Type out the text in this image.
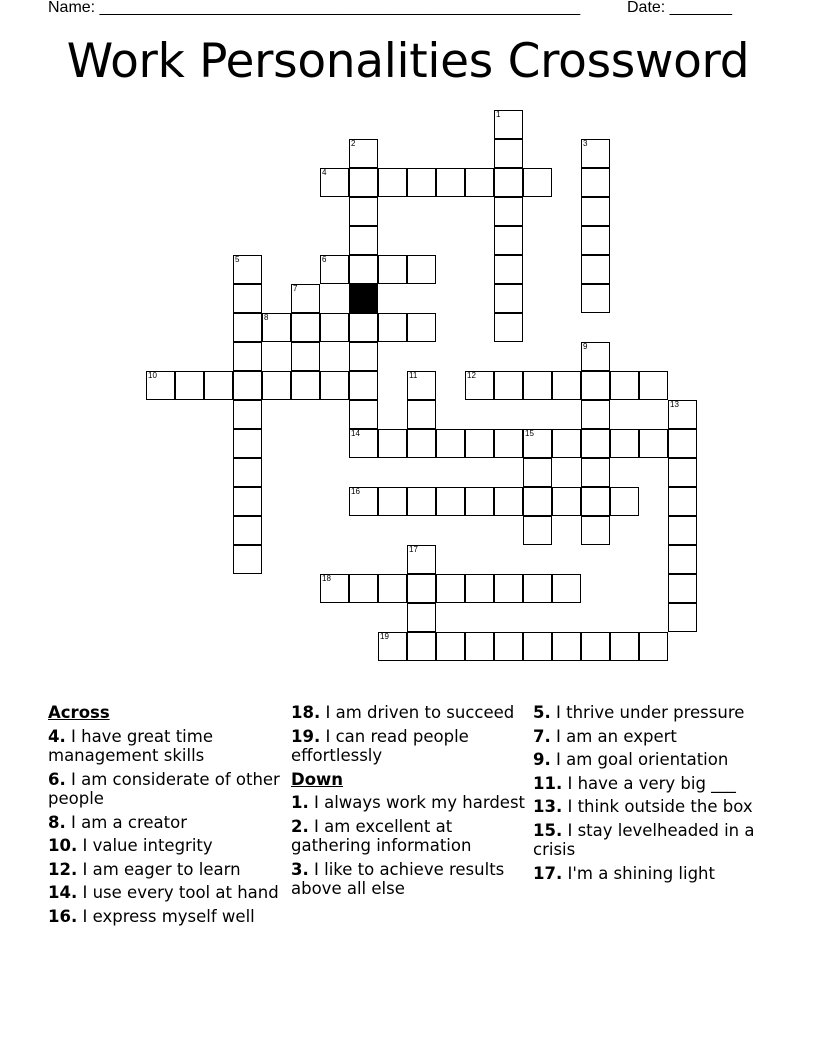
Name: ______________________________________________________	Date: _______
Work Personalities Crossword
1
2
14
3
4
5	6
7
8
9
10	11	12
13
15
16
17
18
19
Across
4. I have great time management skills
6. I am considerate of other people
8. I am a creator
10. I value integrity
12. I am eager to learn
14. I use every tool at hand
16. I express myself well
18. I am driven to succeed
19. I can read people effortlessly
Down
1. I always work my hardest
2. I am excellent at gathering information
3. I like to achieve results above all else
5. I thrive under pressure
7. I am an expert
9. I am goal orientation
11. I have a very big ___
13. I think outside the box
15. I stay levelheaded in a crisis
17. I'm a shining light
